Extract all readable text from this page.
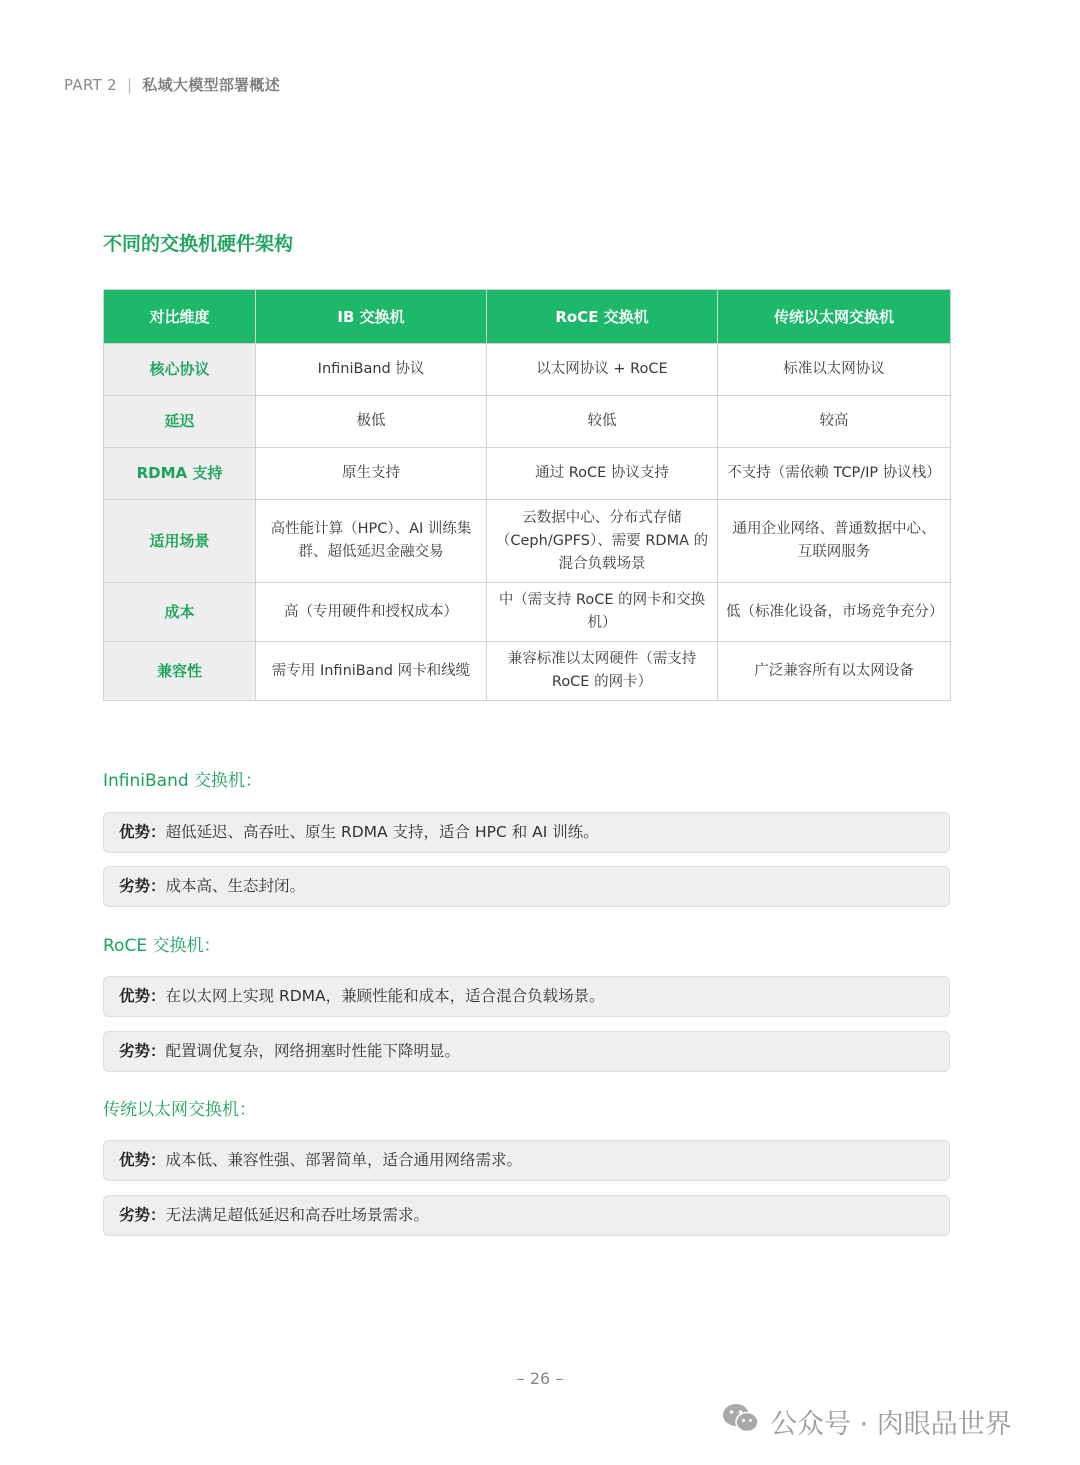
PART 2 | 私域大模型部署概述
不同的交换机硬件架构
对比维度	IB 交换机	RoCE 交换机	传统以太网交换机
核心协议	InfiniBand 协议	以太网协议 + RoCE	标准以太网协议
延迟	极低	较低	较高
RDMA 支持	原生支持	通过 RoCE 协议支持	不支持（需依赖 TCP/IP 协议栈）
适用场景	高性能计算（HPC）、AI 训练集群、超低延迟金融交易	云数据中心、分布式存储（Ceph/GPFS）、需要 RDMA 的混合负载场景	通用企业网络、普通数据中心、互联网服务
成本	高（专用硬件和授权成本）	中（需支持 RoCE 的网卡和交换机）	低（标准化设备，市场竞争充分）
兼容性	需专用 InfiniBand 网卡和线缆	兼容标准以太网硬件（需支持 RoCE 的网卡）	广泛兼容所有以太网设备
InfiniBand 交换机：
优势：超低延迟、高吞吐、原生 RDMA 支持，适合 HPC 和 AI 训练。
劣势：成本高、生态封闭。
RoCE 交换机：
优势：在以太网上实现 RDMA，兼顾性能和成本，适合混合负载场景。
劣势：配置调优复杂，网络拥塞时性能下降明显。
传统以太网交换机：
优势：成本低、兼容性强、部署简单，适合通用网络需求。
劣势：无法满足超低延迟和高吞吐场景需求。
– 26 –
公众号 · 肉眼品世界
